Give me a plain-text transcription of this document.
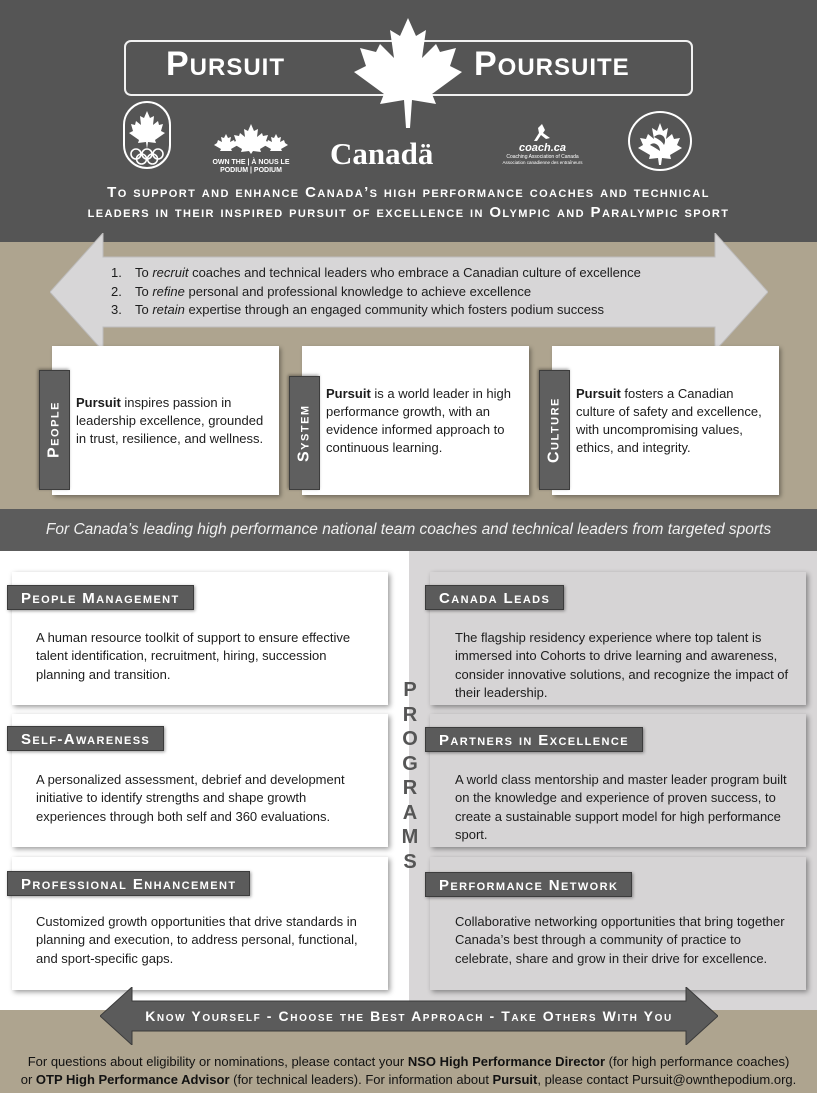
Pursuit	Poursuite
OWN THE | À NOUS LE
PODIUM | PODIUM	Canadä	coach.ca
Coaching Association of Canada
Association canadienne des entraîneurs
To support and enhance Canada’s high performance coaches and technical
leaders in their inspired pursuit of excellence in Olympic and Paralympic sport
1. To recruit coaches and technical leaders who embrace a Canadian culture of excellence
2. To refine personal and professional knowledge to achieve excellence
3. To retain expertise through an engaged community which fosters podium success
People	Pursuit inspires passion in leadership excellence, grounded in trust, resilience, and wellness.	System
Pursuit is a world leader in high performance growth, with an evidence informed approach to continuous learning.	Culture
Pursuit fosters a Canadian culture of safety and excellence, with uncompromising values, ethics, and integrity.
For Canada’s leading high performance national team coaches and technical leaders from targeted sports
People Management
A human resource toolkit of support to ensure effective talent identification, recruitment, hiring, succession planning and transition.
Self-Awareness
A personalized assessment, debrief and development initiative to identify strengths and shape growth experiences through both self and 360 evaluations.
Professional Enhancement
Customized growth opportunities that drive standards in planning and execution, to address personal, functional, and sport-specific gaps.
Canada Leads
The flagship residency experience where top talent is immersed into Cohorts to drive learning and awareness, consider innovative solutions, and recognize the impact of their leadership.
Partners in Excellence
A world class mentorship and master leader program built on the knowledge and experience of proven success, to create a sustainable support model for high performance sport.
Performance Network
Collaborative networking opportunities that bring together Canada’s best through a community of practice to celebrate, share and grow in their drive for excellence.
P
R
O
G
R
A
M
S
Know Yourself - Choose the Best Approach - Take Others With You
For questions about eligibility or nominations, please contact your NSO High Performance Director (for high performance coaches)
or OTP High Performance Advisor (for technical leaders). For information about Pursuit, please contact Pursuit@ownthepodium.org.
